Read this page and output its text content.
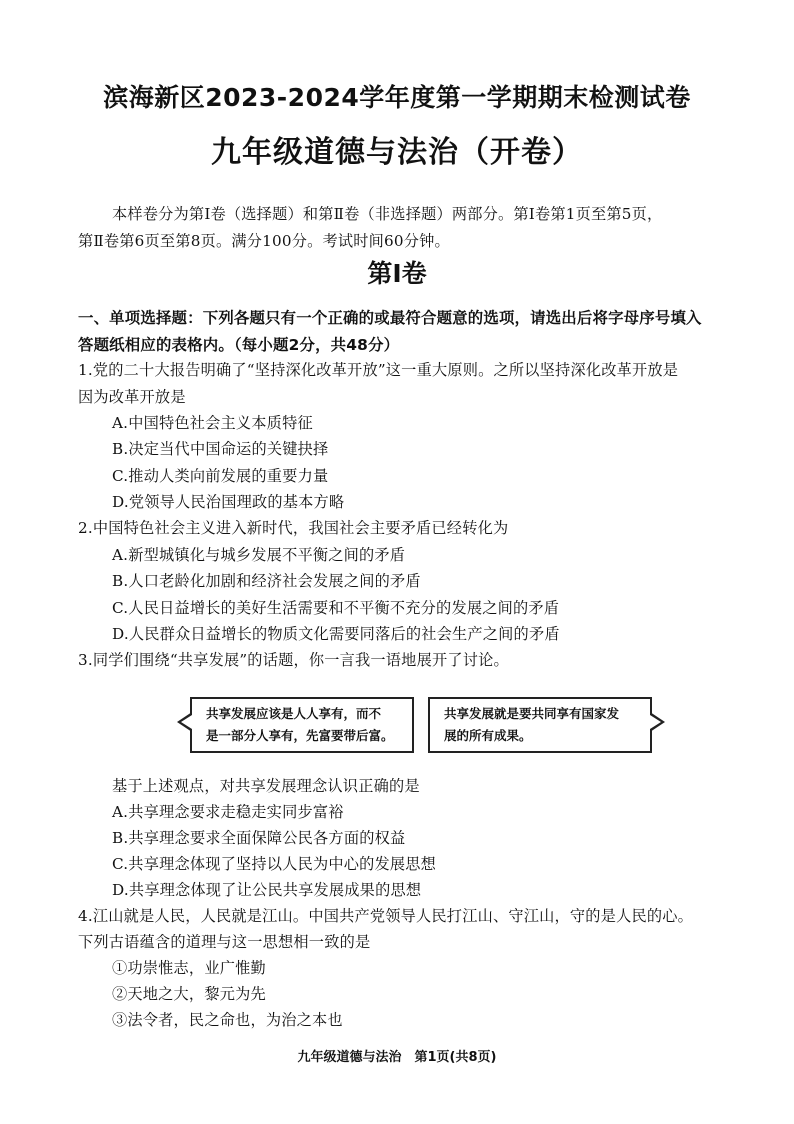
滨海新区2023-2024学年度第一学期期末检测试卷
九年级道德与法治（开卷）
本样卷分为第Ⅰ卷（选择题）和第Ⅱ卷（非选择题）两部分。第Ⅰ卷第1页至第5页，
第Ⅱ卷第6页至第8页。满分100分。考试时间60分钟。
第Ⅰ卷
一、单项选择题：下列各题只有一个正确的或最符合题意的选项，请选出后将字母序号填入
答题纸相应的表格内。（每小题2分，共48分）
1.党的二十大报告明确了“坚持深化改革开放”这一重大原则。之所以坚持深化改革开放是
因为改革开放是
A.中国特色社会主义本质特征
B.决定当代中国命运的关键抉择
C.推动人类向前发展的重要力量
D.党领导人民治国理政的基本方略
2.中国特色社会主义进入新时代，我国社会主要矛盾已经转化为
A.新型城镇化与城乡发展不平衡之间的矛盾
B.人口老龄化加剧和经济社会发展之间的矛盾
C.人民日益增长的美好生活需要和不平衡不充分的发展之间的矛盾
D.人民群众日益增长的物质文化需要同落后的社会生产之间的矛盾
3.同学们围绕“共享发展”的话题，你一言我一语地展开了讨论。
共享发展应该是人人享有，而不
是一部分人享有，先富要带后富。
共享发展就是要共同享有国家发
展的所有成果。
基于上述观点，对共享发展理念认识正确的是
A.共享理念要求走稳走实同步富裕
B.共享理念要求全面保障公民各方面的权益
C.共享理念体现了坚持以人民为中心的发展思想
D.共享理念体现了让公民共享发展成果的思想
4.江山就是人民，人民就是江山。中国共产党领导人民打江山、守江山，守的是人民的心。
下列古语蕴含的道理与这一思想相一致的是
①功崇惟志，业广惟勤
②天地之大，黎元为先
③法令者，民之命也，为治之本也
九年级道德与法治　第1页(共8页)
